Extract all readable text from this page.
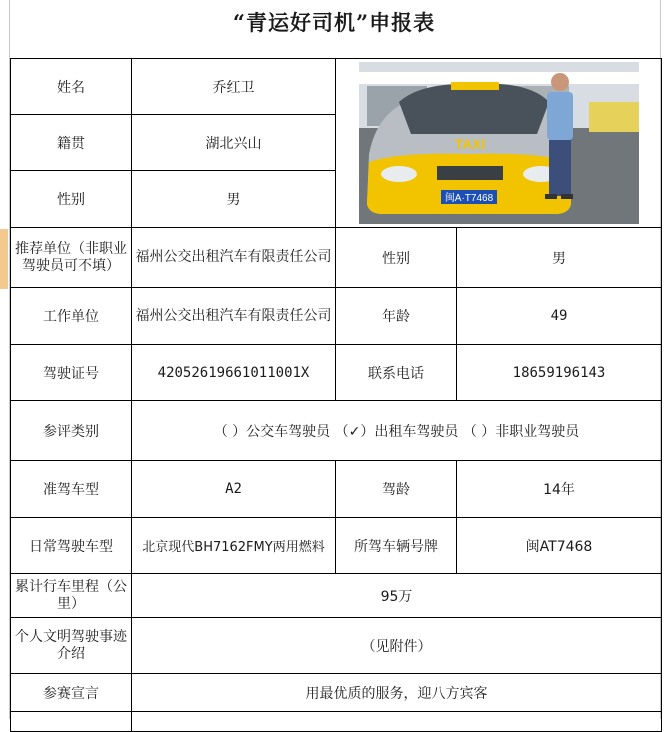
“青运好司机”申报表
姓名	乔红卫	TAXI
闽A·T7468	

籍贯	湖北兴山		
性别	男		
推荐单位（非职业驾驶员可不填）	福州公交出租汽车有限责任公司	性别	男
工作单位	福州公交出租汽车有限责任公司	年龄	49
驾驶证号	42052619661011001X	联系电话	18659196143
参评类别	（ ）公交车驾驶员 （✓）出租车驾驶员 （ ）非职业驾驶员		
准驾车型	A2	驾龄	14年
日常驾驶车型	北京现代BH7162FMY两用燃料	所驾车辆号牌	闽AT7468
累计行车里程（公里）	95万		
个人文明驾驶事迹介绍	（见附件）		
参赛宣言	用最优质的服务，迎八方宾客		
